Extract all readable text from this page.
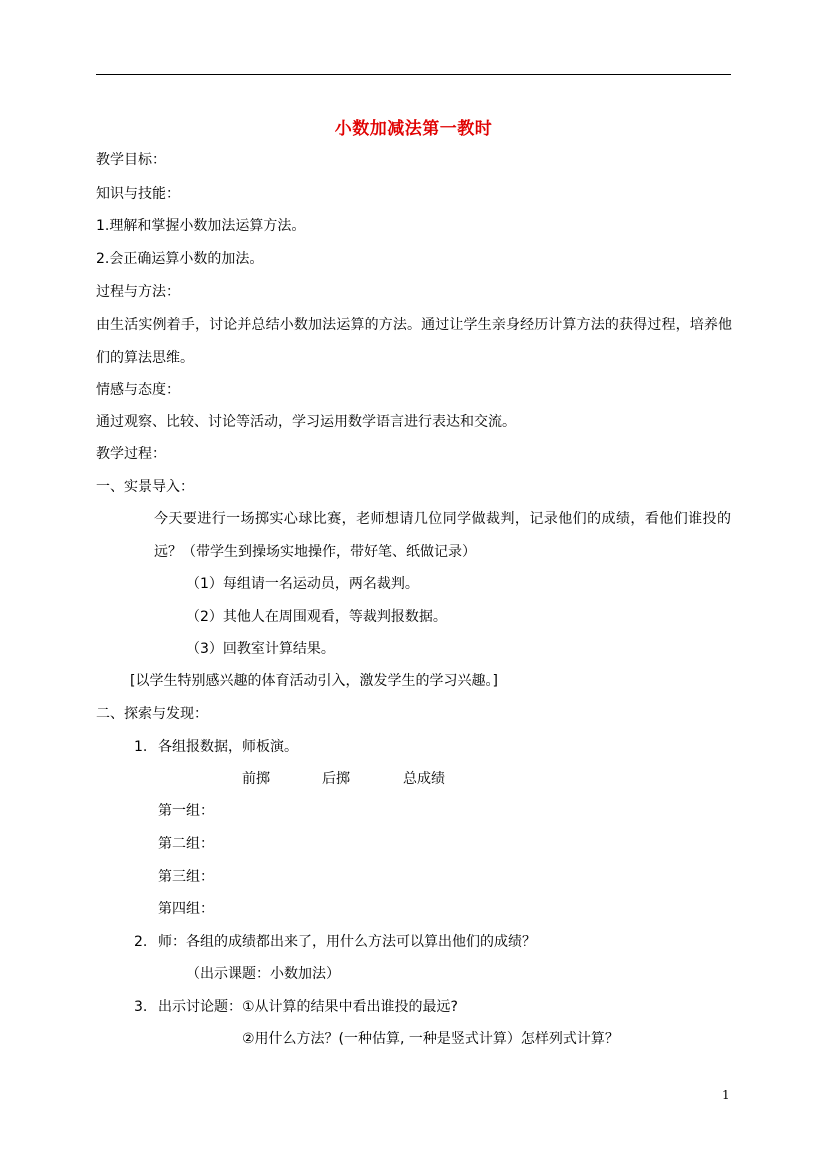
小数加减法第一教时
教学目标：
知识与技能：
1.理解和掌握小数加法运算方法。
2.会正确运算小数的加法。
过程与方法：
由生活实例着手，讨论并总结小数加法运算的方法。通过让学生亲身经历计算方法的获得过程，培养他们的算法思维。
情感与态度：
通过观察、比较、讨论等活动，学习运用数学语言进行表达和交流。
教学过程：
一、实景导入：
今天要进行一场掷实心球比赛，老师想请几位同学做裁判，记录他们的成绩，看他们谁投的远？（带学生到操场实地操作，带好笔、纸做记录）
（1）每组请一名运动员，两名裁判。
（2）其他人在周围观看，等裁判报数据。
（3）回教室计算结果。
[以学生特别感兴趣的体育活动引入，激发学生的学习兴趣。]
二、探索与发现：
1. 各组报数据，师板演。
前掷	后掷	总成绩
第一组：
第二组：
第三组：
第四组：
2. 师：各组的成绩都出来了，用什么方法可以算出他们的成绩？
（出示课题：小数加法）
3. 出示讨论题：①从计算的结果中看出谁投的最远?
②用什么方法？(一种估算, 一种是竖式计算）怎样列式计算？
1
